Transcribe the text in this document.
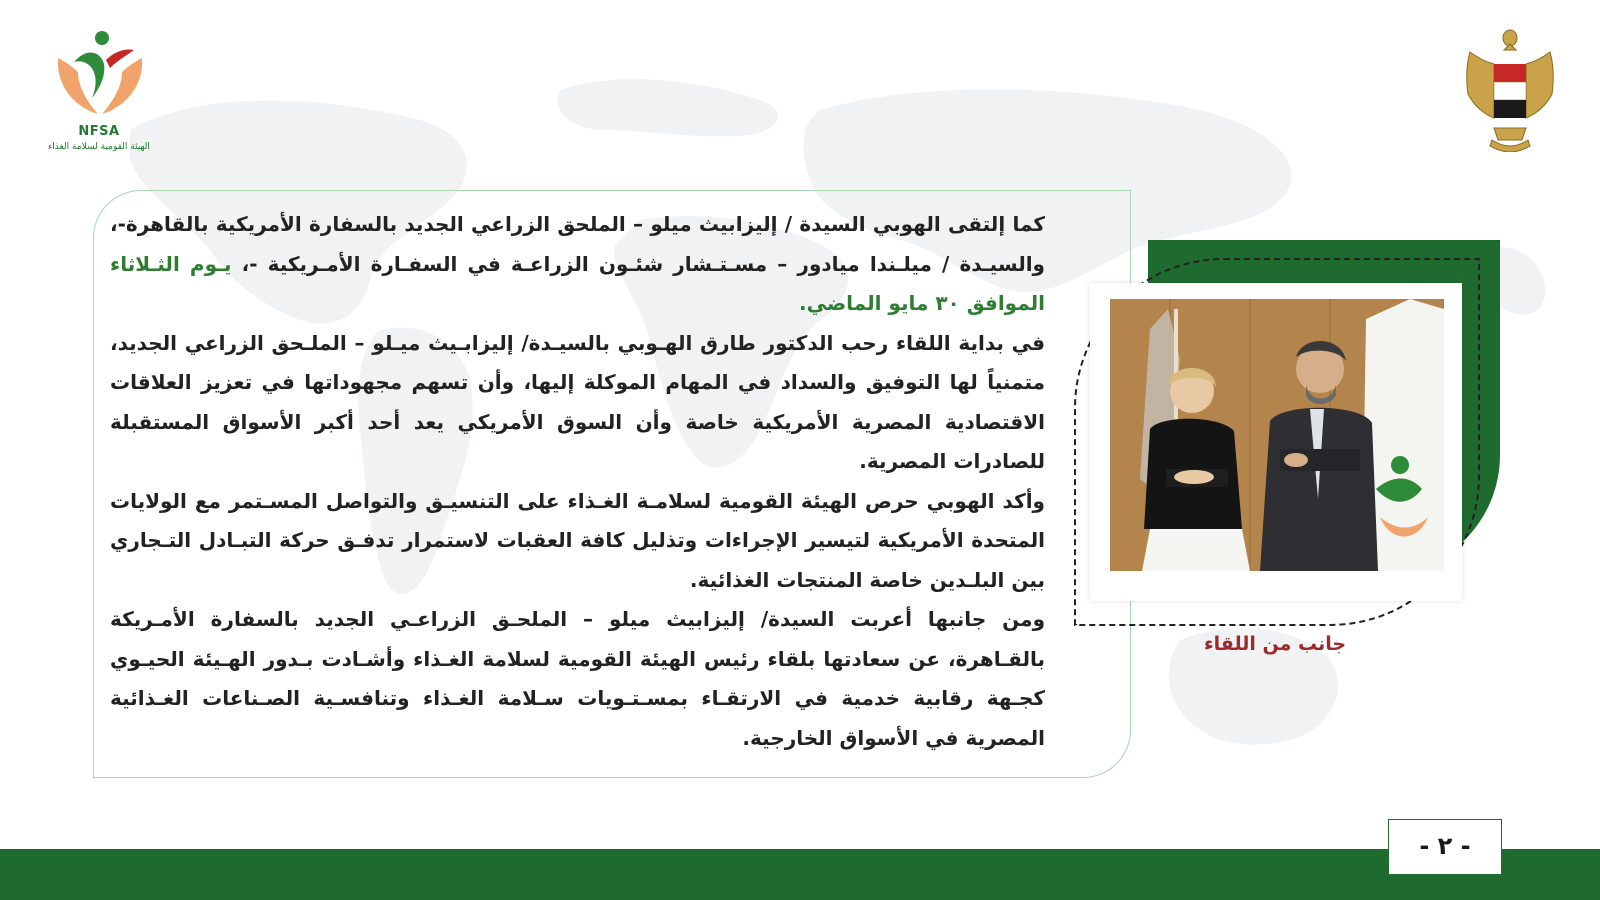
NFSA
الهيئة القومية لسلامة الغذاء

كما إلتقى الهوبي السيدة / إليزابيث ميلو – الملحق الزراعي الجديد بالسفارة الأمريكية بالقاهرة-، والسيـدة / ميلـندا ميادور – مسـتـشار شئـون الزراعـة في السفـارة الأمـريكية -، يـوم الثـلاثاء الموافق ٣٠ مايو الماضي.

في بداية اللقاء رحب الدكتور طارق الهـوبي بالسيـدة/ إليزابـيث ميـلو – الملـحق الزراعي الجديد، متمنياً لها التوفيق والسداد في المهام الموكلة إليها، وأن تسهم مجهوداتها في تعزيز العلاقات الاقتصادية المصرية الأمريكية خاصة وأن السوق الأمريكي يعد أحد أكبر الأسواق المستقبلة للصادرات المصرية.

وأكد الهوبي حرص الهيئة القومية لسلامـة الغـذاء على التنسيـق والتواصل المسـتمر مع الولايات المتحدة الأمريكية لتيسير الإجراءات وتذليل كافة العقبات لاستمرار تدفـق حركة التبـادل التـجاري بين البلـدين خاصة المنتجات الغذائية.

ومن جانبها أعربت السيدة/ إليزابيث ميلو – الملحـق الزراعـي الجديد بالسفارة الأمـريكة بالقـاهرة، عن سعادتها بلقاء رئيس الهيئة القومية لسلامة الغـذاء وأشـادت بـدور الهـيئة الحيـوي كجـهة رقابية خدمية في الارتقـاء بمسـتـويات سـلامة الغـذاء وتنافسـية الصـناعات الغـذائية المصرية في الأسواق الخارجية.

جانب من اللقاء
- ٢ -
